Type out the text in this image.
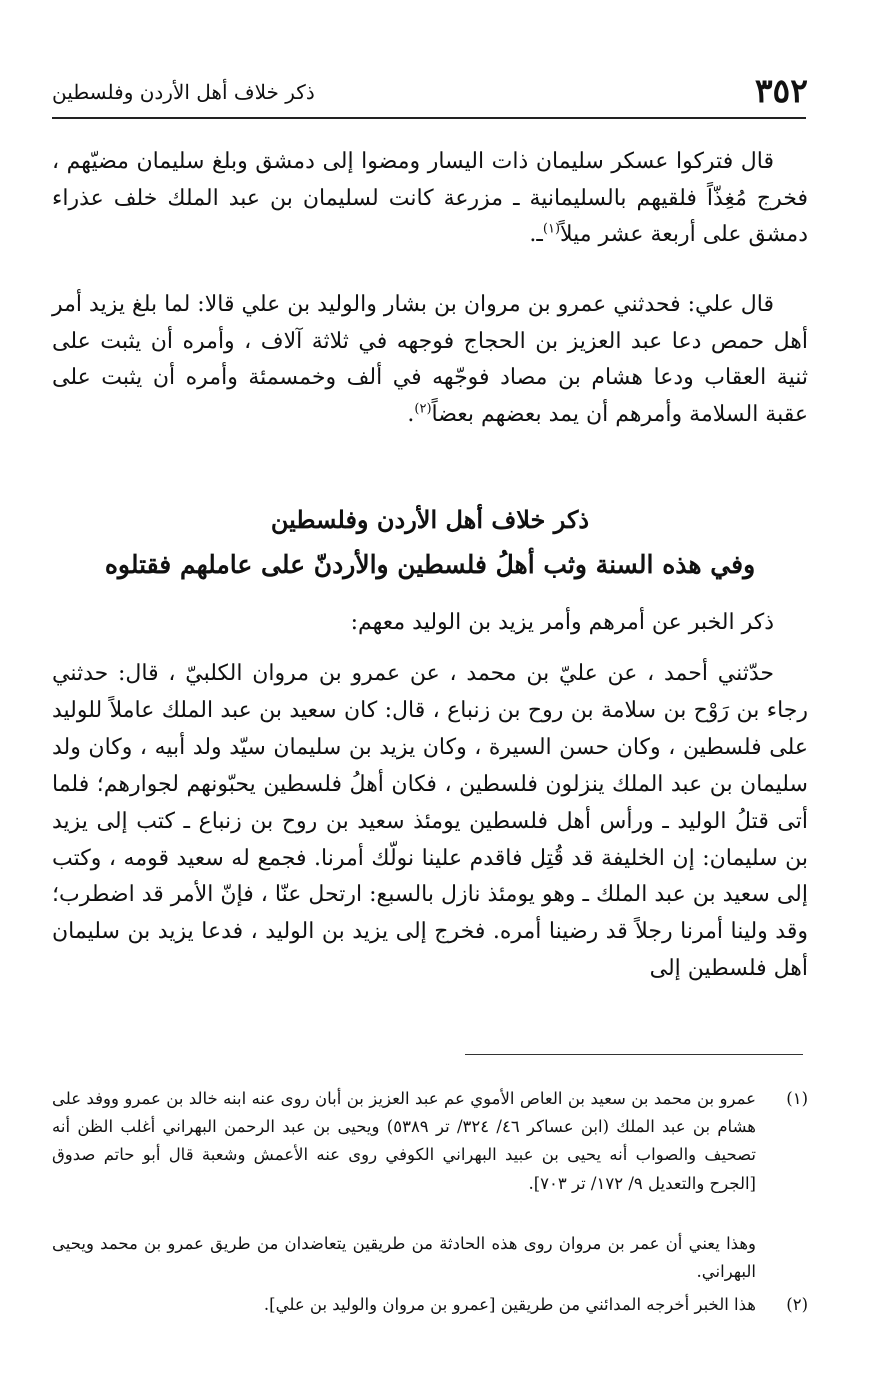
٣٥٢
ذكر خلاف أهل الأردن وفلسطين

قال فتركوا عسكر سليمان ذات اليسار ومضوا إلى دمشق وبلغ سليمان مضيّهم ، فخرج مُغِذّاً فلقيهم بالسليمانية ـ مزرعة كانت لسليمان بن عبد الملك خلف عذراء دمشق على أربعة عشر ميلاً$^{(١)}$ـ.

قال علي: فحدثني عمرو بن مروان بن بشار والوليد بن علي قالا: لما بلغ يزيد أمر أهل حمص دعا عبد العزيز بن الحجاج فوجهه في ثلاثة آلاف ، وأمره أن يثبت على ثنية العقاب ودعا هشام بن مصاد فوجّهه في ألف وخمسمئة وأمره أن يثبت على عقبة السلامة وأمرهم أن يمد بعضهم بعضاً$^{(٢)}$.

ذكر خلاف أهل الأردن وفلسطين
وفي هذه السنة وثب أهلُ فلسطين والأردنّ على عاملهم فقتلوه

ذكر الخبر عن أمرهم وأمر يزيد بن الوليد معهم:

حدّثني أحمد ، عن عليّ بن محمد ، عن عمرو بن مروان الكلبيّ ، قال: حدثني رجاء بن رَوْح بن سلامة بن روح بن زنباع ، قال: كان سعيد بن عبد الملك عاملاً للوليد على فلسطين ، وكان حسن السيرة ، وكان يزيد بن سليمان سيّد ولد أبيه ، وكان ولد سليمان بن عبد الملك ينزلون فلسطين ، فكان أهلُ فلسطين يحبّونهم لجوارهم؛ فلما أتى قتلُ الوليد ـ ورأس أهل فلسطين يومئذ سعيد بن روح بن زنباع ـ كتب إلى يزيد بن سليمان: إن الخليفة قد قُتِل فاقدم علينا نولّك أمرنا. فجمع له سعيد قومه ، وكتب إلى سعيد بن عبد الملك ـ وهو يومئذ نازل بالسبع: ارتحل عنّا ، فإنّ الأمر قد اضطرب؛ وقد ولينا أمرنا رجلاً قد رضينا أمره. فخرج إلى يزيد بن الوليد ، فدعا يزيد بن سليمان أهل فلسطين إلى

(١)

عمرو بن محمد بن سعيد بن العاص الأموي عم عبد العزيز بن أبان روى عنه ابنه خالد بن عمرو ووفد على هشام بن عبد الملك (ابن عساكر ٤٦/ ٣٢٤/ تر ٥٣٨٩) ويحيى بن عبد الرحمن البهراني أغلب الظن أنه تصحيف والصواب أنه يحيى بن عبيد البهراني الكوفي روى عنه الأعمش وشعبة قال أبو حاتم صدوق [الجرح والتعديل ٩/ ١٧٢/ تر ٧٠٣].

وهذا يعني أن عمر بن مروان روى هذه الحادثة من طريقين يتعاضدان من طريق عمرو بن محمد ويحيى البهراني.

(٢)

هذا الخبر أخرجه المدائني من طريقين [عمرو بن مروان والوليد بن علي].
